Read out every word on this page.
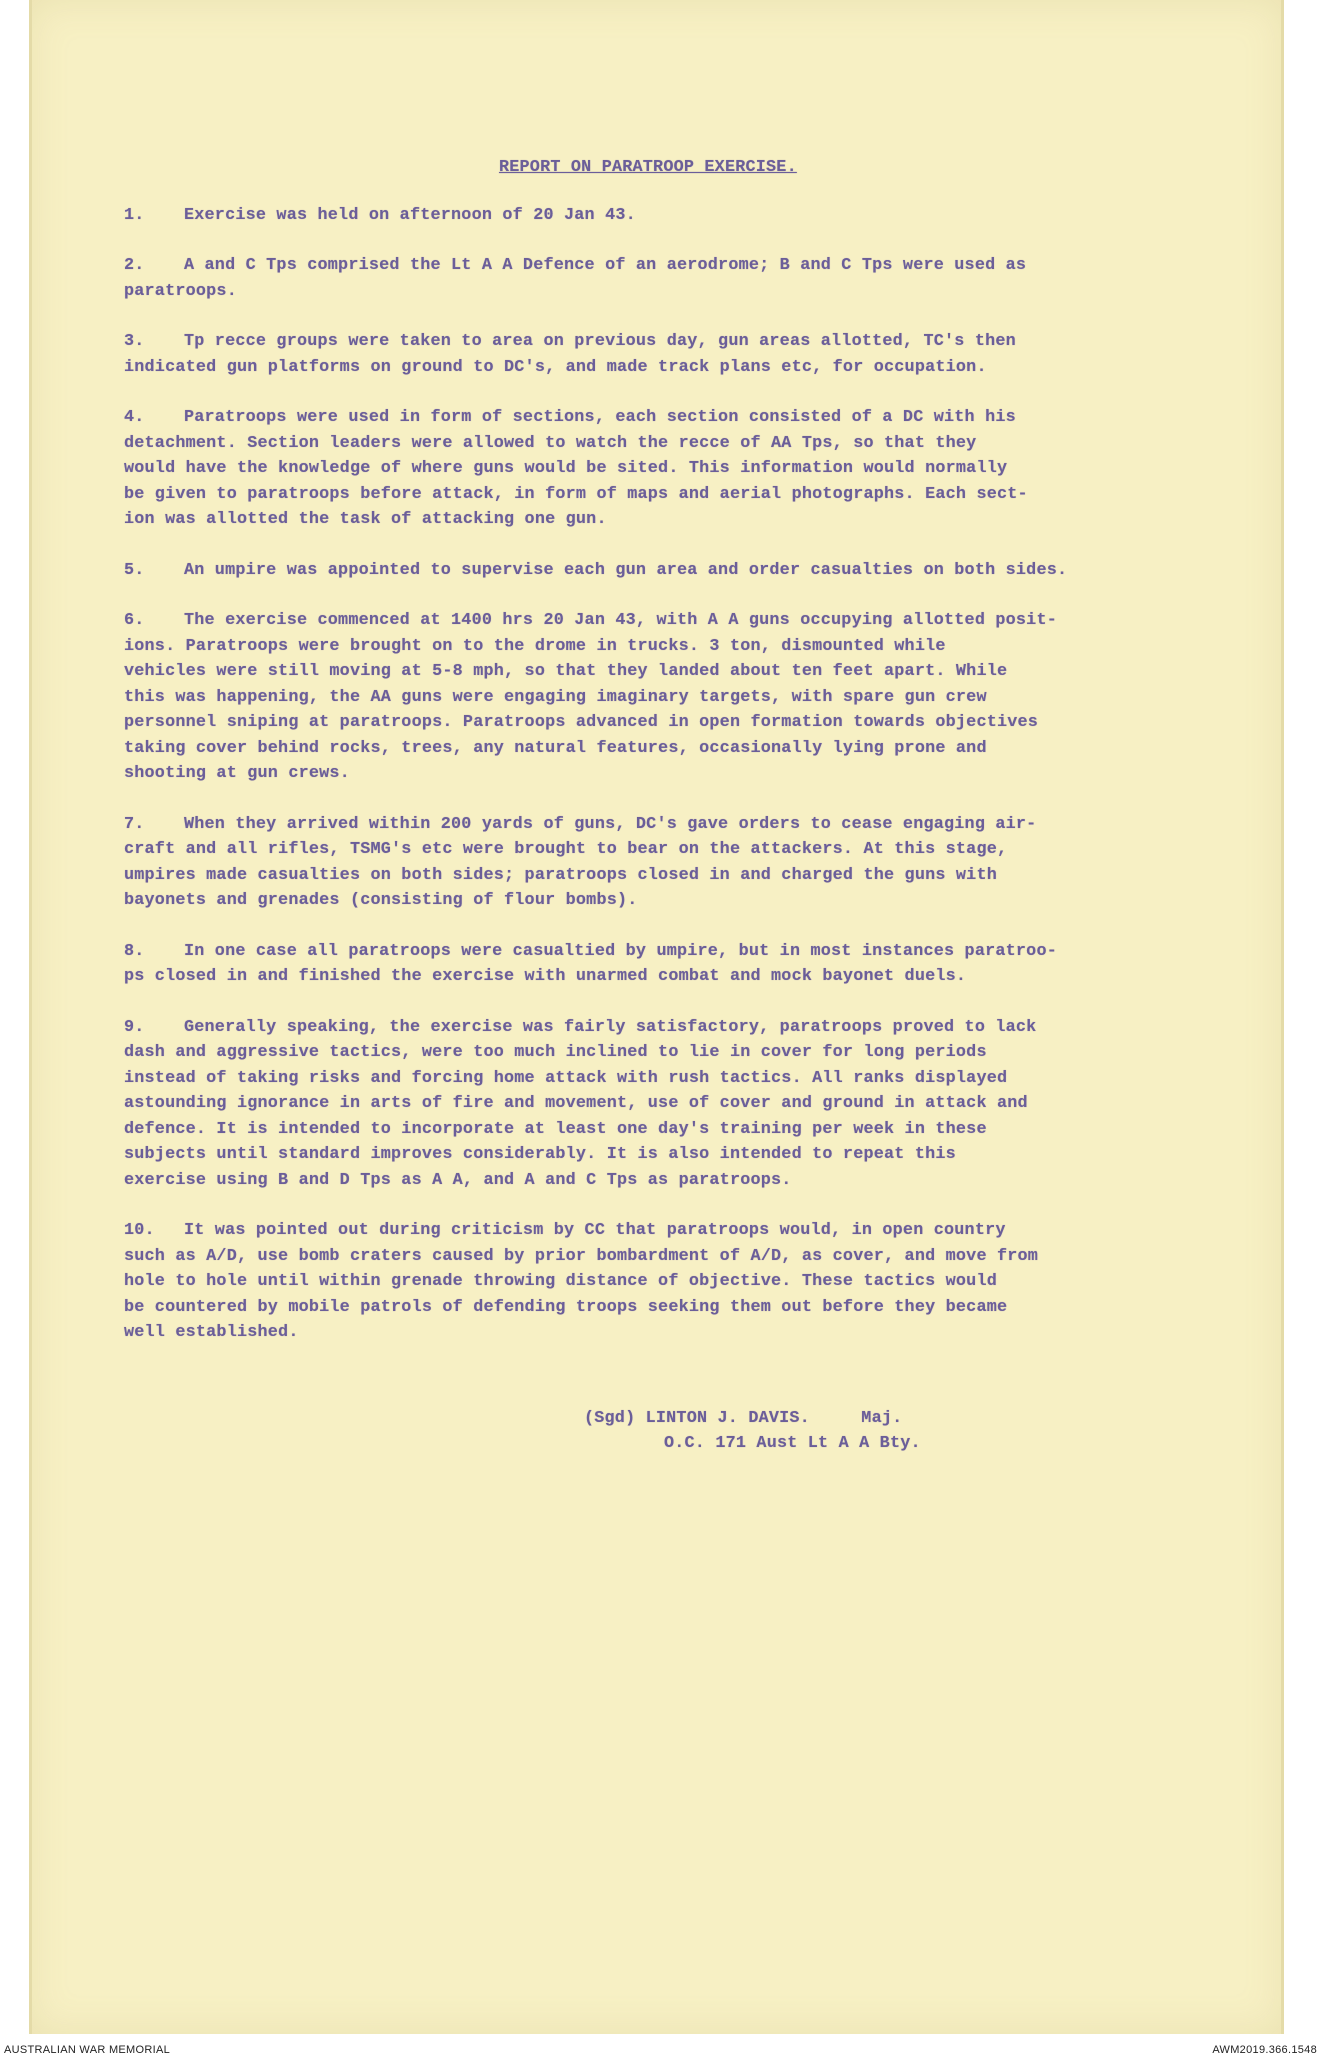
REPORT ON PARATROOP EXERCISE.
1.	Exercise was held on afternoon of 20 Jan 43.
2.	A and C Tps comprised the Lt A A Defence of an aerodrome; B and C Tps were used as
paratroops.
3.	Tp recce groups were taken to area on previous day, gun areas allotted, TC's then
indicated gun platforms on ground to DC's, and made track plans etc, for occupation.
4.	Paratroops were used in form of sections, each section consisted of a DC with his
detachment. Section leaders were allowed to watch the recce of AA Tps, so that they
would have the knowledge of where guns would be sited. This information would normally
be given to paratroops before attack, in form of maps and aerial photographs. Each sect-
ion was allotted the task of attacking one gun.
5.	An umpire was appointed to supervise each gun area and order casualties on both sides.
6.	The exercise commenced at 1400 hrs 20 Jan 43, with A A guns occupying allotted posit-
ions. Paratroops were brought on to the drome in trucks. 3 ton, dismounted while
vehicles were still moving at 5-8 mph, so that they landed about ten feet apart. While
this was happening, the AA guns were engaging imaginary targets, with spare gun crew
personnel sniping at paratroops. Paratroops advanced in open formation towards objectives
taking cover behind rocks, trees, any natural features, occasionally lying prone and
shooting at gun crews.
7.	When they arrived within 200 yards of guns, DC's gave orders to cease engaging air-
craft and all rifles, TSMG's etc were brought to bear on the attackers. At this stage,
umpires made casualties on both sides; paratroops closed in and charged the guns with
bayonets and grenades (consisting of flour bombs).
8.	In one case all paratroops were casualtied by umpire, but in most instances paratroo-
ps closed in and finished the exercise with unarmed combat and mock bayonet duels.
9.	Generally speaking, the exercise was fairly satisfactory, paratroops proved to lack
dash and aggressive tactics, were too much inclined to lie in cover for long periods
instead of taking risks and forcing home attack with rush tactics. All ranks displayed
astounding ignorance in arts of fire and movement, use of cover and ground in attack and
defence. It is intended to incorporate at least one day's training per week in these
subjects until standard improves considerably. It is also intended to repeat this
exercise using B and D Tps as A A, and A and C Tps as paratroops.
10.	It was pointed out during criticism by CC that paratroops would, in open country
such as A/D, use bomb craters caused by prior bombardment of A/D, as cover, and move from
hole to hole until within grenade throwing distance of objective. These tactics would
be countered by mobile patrols of defending troops seeking them out before they became
well established.
(Sgd) LINTON J. DAVIS.     Maj.
O.C. 171 Aust Lt A A Bty.
AUSTRALIAN WAR MEMORIAL	AWM2019.366.1548
